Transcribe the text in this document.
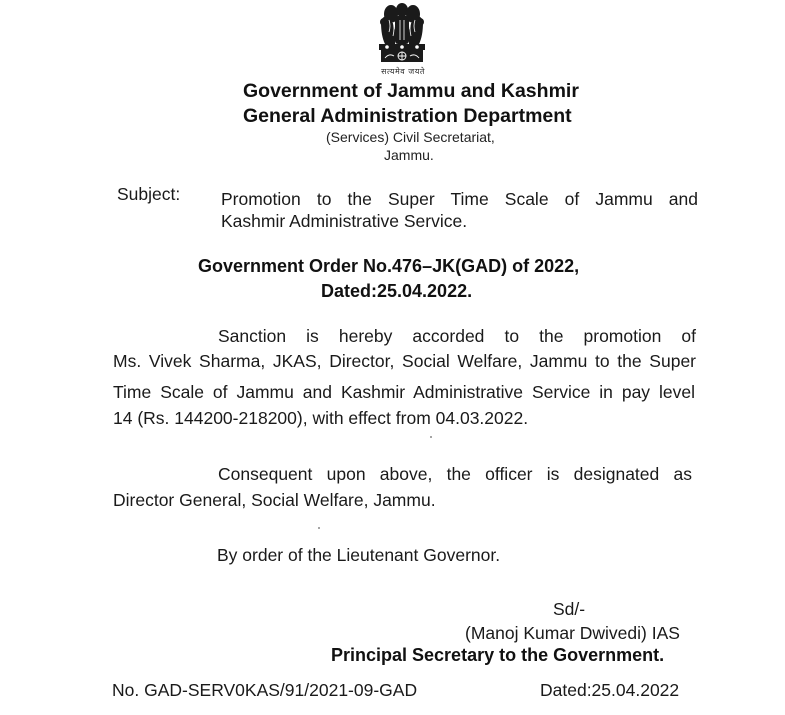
सत्यमेव जयते
Government of Jammu and Kashmir
General Administration Department
(Services) Civil Secretariat,
Jammu.
Subject: Promotion to the Super Time Scale of Jammu and
Kashmir Administrative Service.
Government Order No.476–JK(GAD) of 2022,
Dated:25.04.2022.
Sanction is hereby accorded to the promotion of
Ms. Vivek Sharma, JKAS, Director, Social Welfare, Jammu to the Super
Time Scale of Jammu and Kashmir Administrative Service in pay level
14 (Rs. 144200-218200), with effect from 04.03.2022.
Consequent upon above, the officer is designated as
Director General, Social Welfare, Jammu.
By order of the Lieutenant Governor.
Sd/-
(Manoj Kumar Dwivedi) IAS
Principal Secretary to the Government.
No. GAD-SERV0KAS/91/2021-09-GAD	Dated:25.04.2022
